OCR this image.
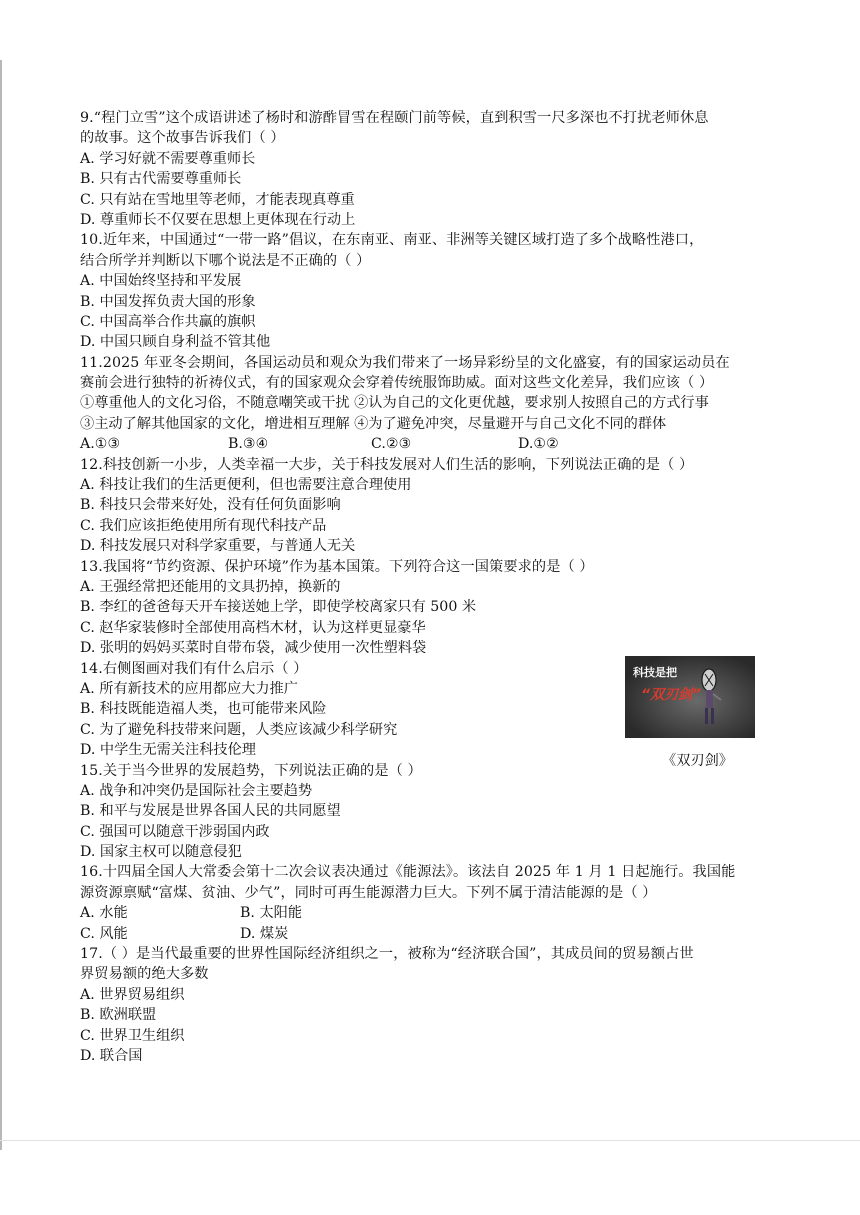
9.“程门立雪”这个成语讲述了杨时和游酢冒雪在程颐门前等候，直到积雪一尺多深也不打扰老师休息
的故事。这个故事告诉我们（ ）
A. 学习好就不需要尊重师长
B. 只有古代需要尊重师长
C. 只有站在雪地里等老师，才能表现真尊重
D. 尊重师长不仅要在思想上更体现在行动上
10.近年来，中国通过“一带一路”倡议，在东南亚、南亚、非洲等关键区域打造了多个战略性港口，
结合所学并判断以下哪个说法是不正确的（ ）
A. 中国始终坚持和平发展
B. 中国发挥负责大国的形象
C. 中国高举合作共赢的旗帜
D. 中国只顾自身利益不管其他
11.2025 年亚冬会期间，各国运动员和观众为我们带来了一场异彩纷呈的文化盛宴，有的国家运动员在
赛前会进行独特的祈祷仪式，有的国家观众会穿着传统服饰助威。面对这些文化差异，我们应该（ ）
①尊重他人的文化习俗，不随意嘲笑或干扰 ②认为自己的文化更优越，要求别人按照自己的方式行事
③主动了解其他国家的文化，增进相互理解 ④为了避免冲突，尽量避开与自己文化不同的群体
A.①③	B.③④	C.②③	D.①②
12.科技创新一小步，人类幸福一大步，关于科技发展对人们生活的影响，下列说法正确的是（ ）
A. 科技让我们的生活更便利，但也需要注意合理使用
B. 科技只会带来好处，没有任何负面影响
C. 我们应该拒绝使用所有现代科技产品
D. 科技发展只对科学家重要，与普通人无关
13.我国将“节约资源、保护环境”作为基本国策。下列符合这一国策要求的是（ ）
A. 王强经常把还能用的文具扔掉，换新的
B. 李红的爸爸每天开车接送她上学，即使学校离家只有 500 米
C. 赵华家装修时全部使用高档木材，认为这样更显豪华
D. 张明的妈妈买菜时自带布袋，减少使用一次性塑料袋
14.右侧图画对我们有什么启示（ ）
A. 所有新技术的应用都应大力推广
B. 科技既能造福人类，也可能带来风险
C. 为了避免科技带来问题，人类应该减少科学研究
D. 中学生无需关注科技伦理
15.关于当今世界的发展趋势，下列说法正确的是（ ）
A. 战争和冲突仍是国际社会主要趋势
B. 和平与发展是世界各国人民的共同愿望
C. 强国可以随意干涉弱国内政
D. 国家主权可以随意侵犯
16.十四届全国人大常委会第十二次会议表决通过《能源法》。该法自 2025 年 1 月 1 日起施行。我国能
源资源禀赋“富煤、贫油、少气”，同时可再生能源潜力巨大。下列不属于清洁能源的是（ ）
A. 水能	B. 太阳能
C. 风能	D. 煤炭
17.（ ）是当代最重要的世界性国际经济组织之一，被称为“经济联合国”，其成员间的贸易额占世
界贸易额的绝大多数
A. 世界贸易组织
B. 欧洲联盟
C. 世界卫生组织
D. 联合国
科技是把
“双刃剑”
《双刃剑》
